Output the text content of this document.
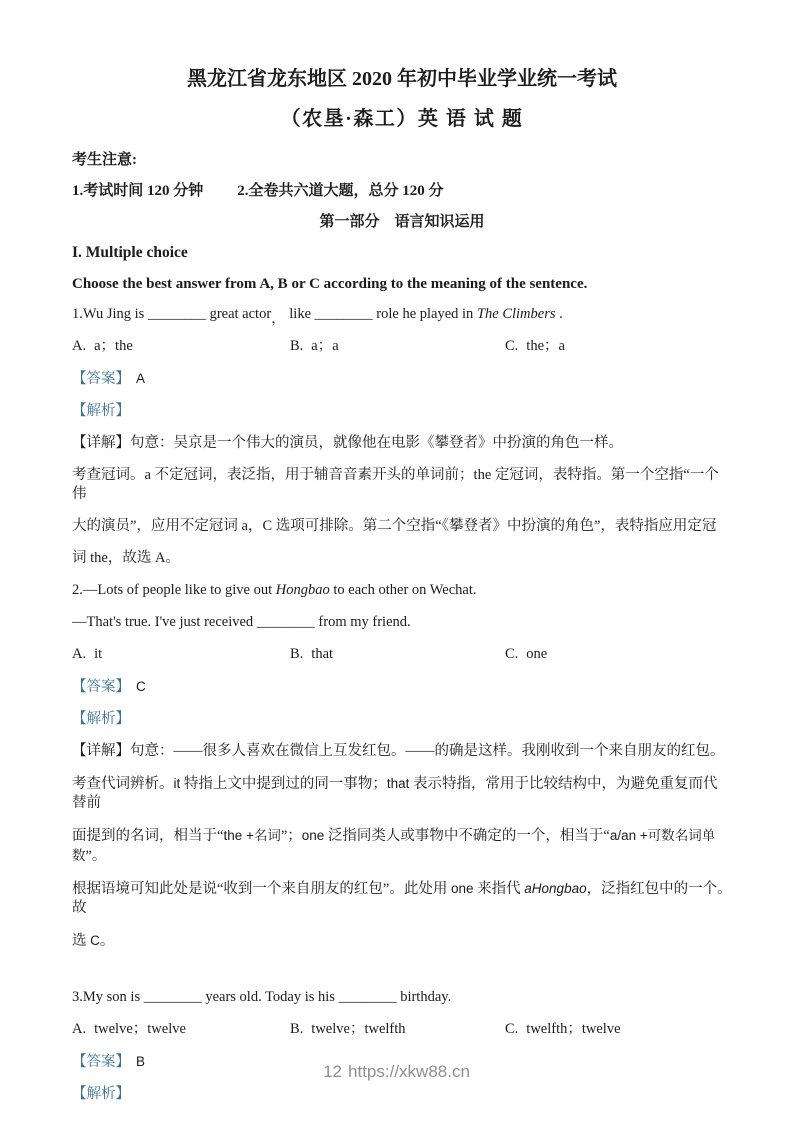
黑龙江省龙东地区 2020 年初中毕业学业统一考试
（农垦·森工）英 语 试 题
考生注意:
1.考试时间 120 分钟 2.全卷共六道大题，总分 120 分
第一部分　语言知识运用
I. Multiple choice
Choose the best answer from A, B or C according to the meaning of the sentence.
1.Wu Jing is ________ great actor， like ________ role he played in The Climbers .
A. a；the	B. a；a	C. the；a
【答案】 A
【解析】
【详解】句意：吴京是一个伟大的演员，就像他在电影《攀登者》中扮演的角色一样。
考查冠词。a 不定冠词，表泛指，用于辅音音素开头的单词前；the 定冠词，表特指。第一个空指“一个伟
大的演员”，应用不定冠词 a，C 选项可排除。第二个空指“《攀登者》中扮演的角色”，表特指应用定冠
词 the，故选 A。
2.—Lots of people like to give out Hongbao to each other on Wechat.
—That's true. I've just received ________ from my friend.
A. it	B. that	C. one
【答案】 C
【解析】
【详解】句意：——很多人喜欢在微信上互发红包。——的确是这样。我刚收到一个来自朋友的红包。
考查代词辨析。it 特指上文中提到过的同一事物；that 表示特指，常用于比较结构中，为避免重复而代替前
面提到的名词，相当于“the +名词”；one 泛指同类人或事物中不确定的一个，相当于“a/an +可数名词单数”。
根据语境可知此处是说“收到一个来自朋友的红包”。此处用 one 来指代 aHongbao，泛指红包中的一个。故
选 C。
3.My son is ________ years old. Today is his ________ birthday.
A. twelve；twelve	B. twelve；twelfth	C. twelfth；twelve
【答案】 B
【解析】
12 https://xkw88.cn
